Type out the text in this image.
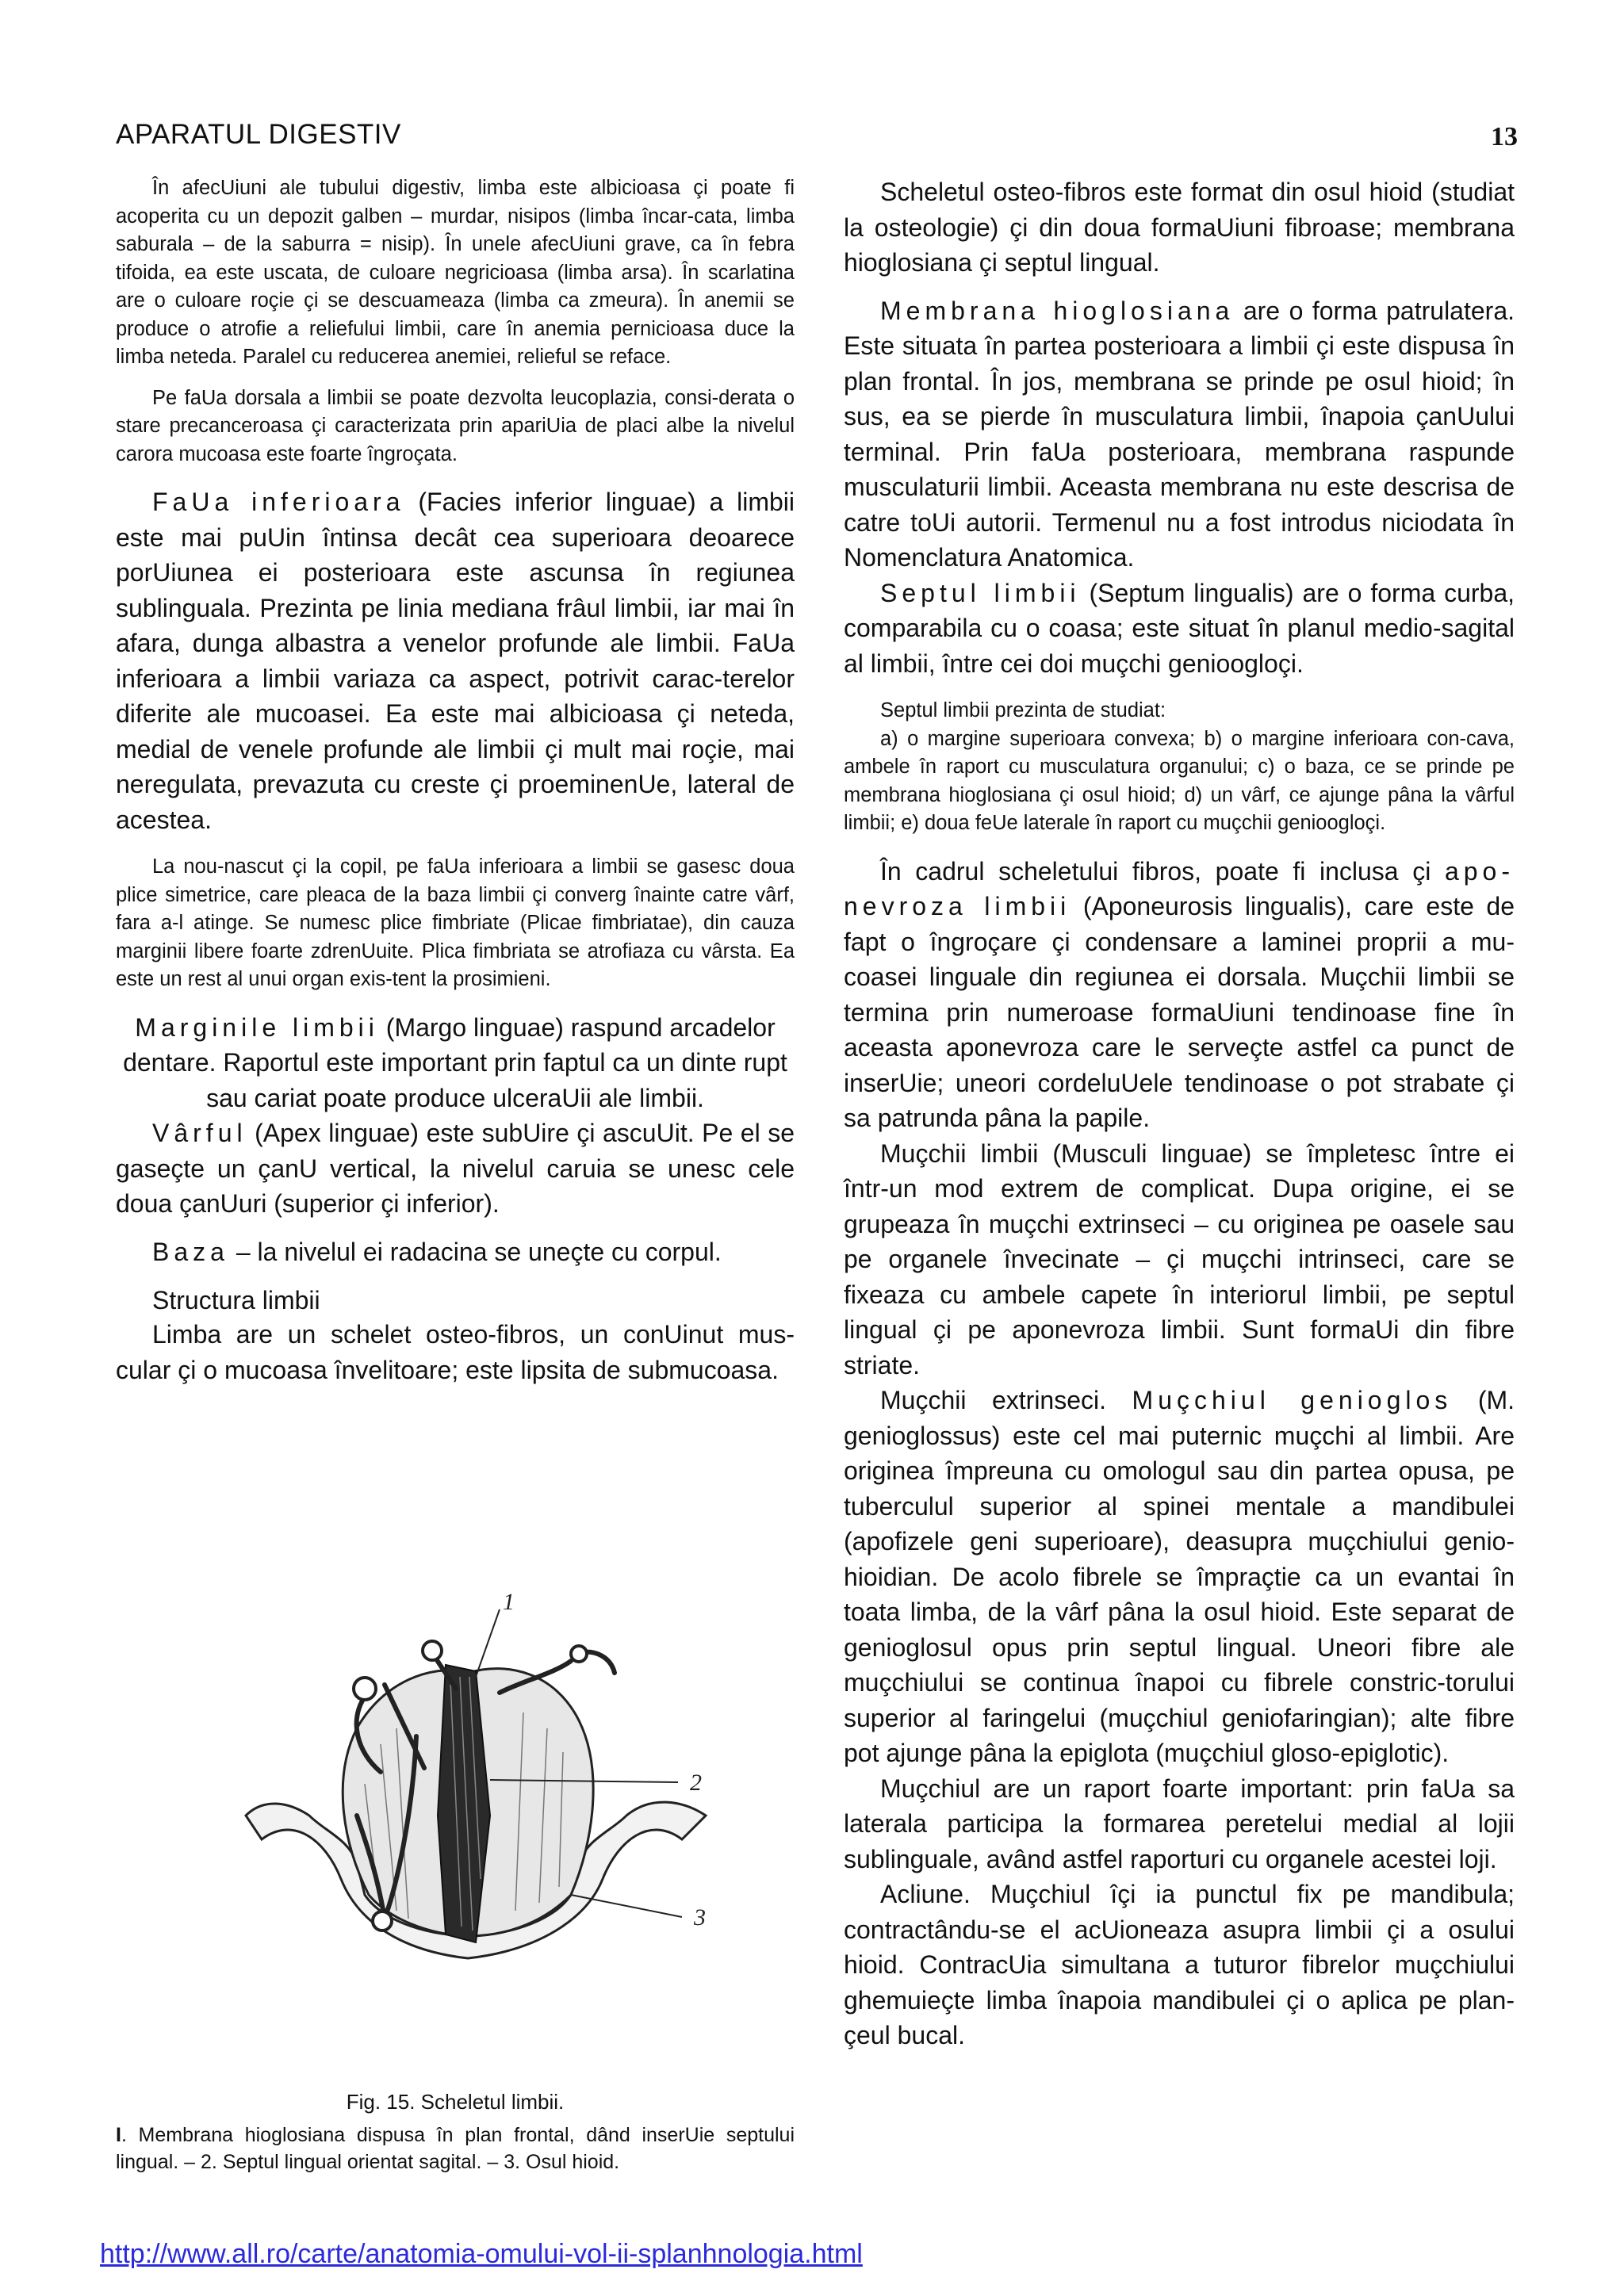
APARATUL DIGESTIV	13

În afecUiuni ale tubului digestiv, limba este albicioasa çi poate fi acoperita cu un depozit galben – murdar, nisipos (limba încar-cata, limba saburala – de la saburra = nisip). În unele afecUiuni grave, ca în febra tifoida, ea este uscata, de culoare negricioasa (limba arsa). În scarlatina are o culoare roçie çi se descuameaza (limba ca zmeura). În anemii se produce o atrofie a reliefului limbii, care în anemia pernicioasa duce la limba neteda. Paralel cu reducerea anemiei, relieful se reface.

Pe faUa dorsala a limbii se poate dezvolta leucoplazia, consi-derata o stare precanceroasa çi caracterizata prin apariUia de placi albe la nivelul carora mucoasa este foarte îngroçata.

FaUa inferioara (Facies inferior linguae) a limbii este mai puUin întinsa decât cea superioara deoarece porUiunea ei posterioara este ascunsa în regiunea sublinguala. Prezinta pe linia mediana frâul limbii, iar mai în afara, dunga albastra a venelor profunde ale limbii. FaUa inferioara a limbii variaza ca aspect, potrivit carac-terelor diferite ale mucoasei. Ea este mai albicioasa çi neteda, medial de venele profunde ale limbii çi mult mai roçie, mai neregulata, prevazuta cu creste çi proeminenUe, lateral de acestea.

La nou-nascut çi la copil, pe faUa inferioara a limbii se gasesc doua plice simetrice, care pleaca de la baza limbii çi converg înainte catre vârf, fara a-l atinge. Se numesc plice fimbriate (Plicae fimbriatae), din cauza marginii libere foarte zdrenUuite. Plica fimbriata se atrofiaza cu vârsta. Ea este un rest al unui organ exis-tent la prosimieni.

Marginile limbii (Margo linguae) raspund arcadelor dentare. Raportul este important prin faptul ca un dinte rupt sau cariat poate produce ulceraUii ale limbii.

Vârful (Apex linguae) este subUire çi ascuUit. Pe el se gaseçte un çanU vertical, la nivelul caruia se unesc cele doua çanUuri (superior çi inferior).

Baza – la nivelul ei radacina se uneçte cu corpul.

Structura limbii

Limba are un schelet osteo-fibros, un conUinut mus-cular çi o mucoasa învelitoare; este lipsita de submucoasa.

1
2
3
Fig. 15. Scheletul limbii.
I. Membrana hioglosiana dispusa în plan frontal, dând inserUie septului lingual. – 2. Septul lingual orientat sagital. – 3. Osul hioid.

Scheletul osteo-fibros este format din osul hioid (studiat la osteologie) çi din doua formaUiuni fibroase; membrana hioglosiana çi septul lingual.

Membrana hioglosiana are o forma patrulatera. Este situata în partea posterioara a limbii çi este dispusa în plan frontal. În jos, membrana se prinde pe osul hioid; în sus, ea se pierde în musculatura limbii, înapoia çanUului terminal. Prin faUa posterioara, membrana raspunde musculaturii limbii. Aceasta membrana nu este descrisa de catre toUi autorii. Termenul nu a fost introdus niciodata în Nomenclatura Anatomica.

Septul limbii (Septum lingualis) are o forma curba, comparabila cu o coasa; este situat în planul medio-sagital al limbii, între cei doi muçchi genioogloçi.

Septul limbii prezinta de studiat:

a) o margine superioara convexa; b) o margine inferioara con-cava, ambele în raport cu musculatura organului; c) o baza, ce se prinde pe membrana hioglosiana çi osul hioid; d) un vârf, ce ajunge pâna la vârful limbii; e) doua feUe laterale în raport cu muçchii genioogloçi.

În cadrul scheletului fibros, poate fi inclusa çi apo-nevroza limbii (Aponeurosis lingualis), care este de fapt o îngroçare çi condensare a laminei proprii a mu-coasei linguale din regiunea ei dorsala. Muçchii limbii se termina prin numeroase formaUiuni tendinoase fine în aceasta aponevroza care le serveçte astfel ca punct de inserUie; uneori cordeluUele tendinoase o pot strabate çi sa patrunda pâna la papile.

Muçchii limbii (Musculi linguae) se împletesc între ei într-un mod extrem de complicat. Dupa origine, ei se grupeaza în muçchi extrinseci – cu originea pe oasele sau pe organele învecinate – çi muçchi intrinseci, care se fixeaza cu ambele capete în interiorul limbii, pe septul lingual çi pe aponevroza limbii. Sunt formaUi din fibre striate.

Muçchii extrinseci. Muçchiul genioglos (M. genioglossus) este cel mai puternic muçchi al limbii. Are originea împreuna cu omologul sau din partea opusa, pe tuberculul superior al spinei mentale a mandibulei (apofizele geni superioare), deasupra muçchiului genio-hioidian. De acolo fibrele se împraçtie ca un evantai în toata limba, de la vârf pâna la osul hioid. Este separat de genioglosul opus prin septul lingual. Uneori fibre ale muçchiului se continua înapoi cu fibrele constric-torului superior al faringelui (muçchiul geniofaringian); alte fibre pot ajunge pâna la epiglota (muçchiul gloso-epiglotic).

Muçchiul are un raport foarte important: prin faUa sa laterala participa la formarea peretelui medial al lojii sublinguale, având astfel raporturi cu organele acestei loji.

Acliune. Muçchiul îçi ia punctul fix pe mandibula; contractându-se el acUioneaza asupra limbii çi a osului hioid. ContracUia simultana a tuturor fibrelor muçchiului ghemuieçte limba înapoia mandibulei çi o aplica pe plan-çeul bucal.

http://www.all.ro/carte/anatomia-omului-vol-ii-splanhnologia.html
